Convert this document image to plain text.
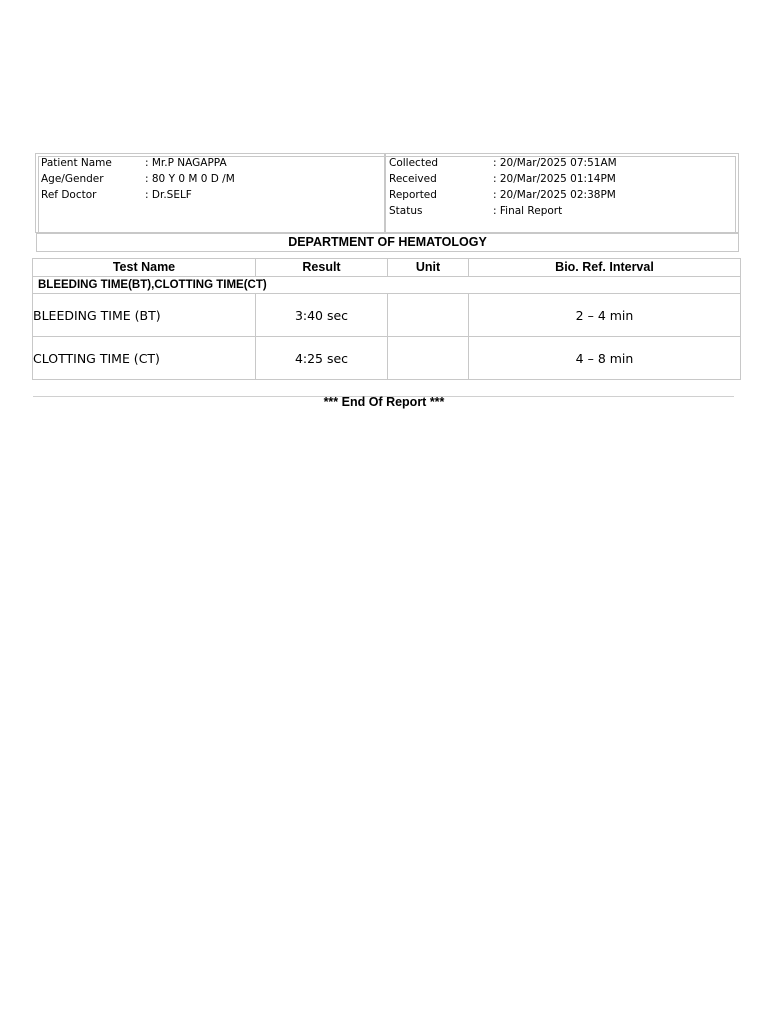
Patient Name	: Mr.P NAGAPPA
Age/Gender	: 80 Y 0 M 0 D /M
Ref Doctor	: Dr.SELF
Collected	: 20/Mar/2025 07:51AM
Received	: 20/Mar/2025 01:14PM
Reported	: 20/Mar/2025 02:38PM
Status	: Final Report
DEPARTMENT OF HEMATOLOGY
Test Name	Result	Unit	Bio. Ref. Interval
BLEEDING TIME(BT),CLOTTING TIME(CT)			
BLEEDING TIME (BT)	3:40 sec		2 – 4 min
CLOTTING TIME (CT)	4:25 sec		4 – 8 min
*** End Of Report ***
